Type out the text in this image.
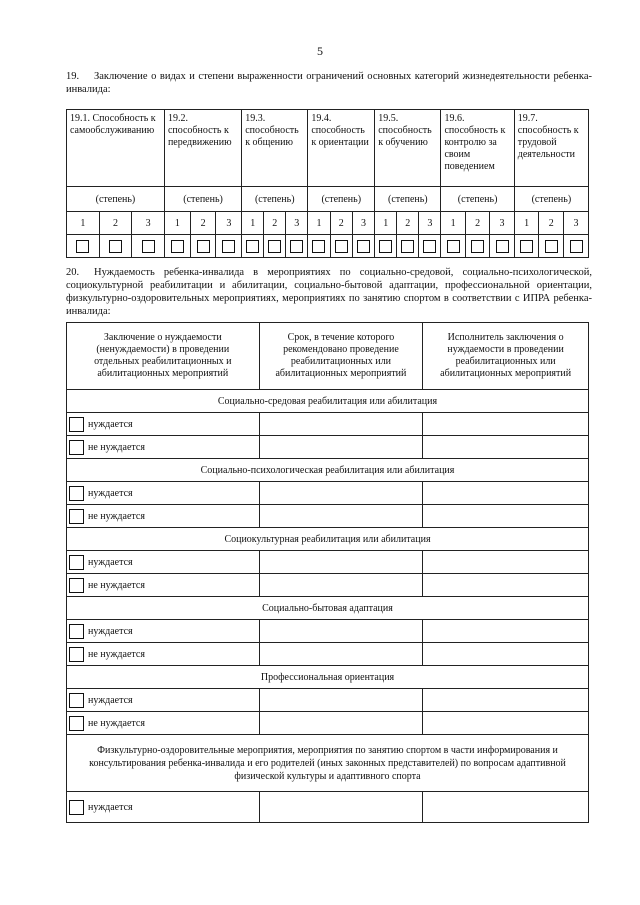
5
19. Заключение о видах и степени выраженности ограничений основных категорий жизнедеятельности ребенка-инвалида:
19.1. Способность к самообслуживанию			19.2. способность к передвижению			19.3. способность к общению			19.4. способность к ориентации			19.5. способность к обучению			19.6. способность к контролю за своим поведением			19.7. способность к трудовой деятельности		
(степень)			(степень)			(степень)			(степень)			(степень)			(степень)			(степень)		
1	2	3	1	2	3	1	2	3	1	2	3	1	2	3	1	2	3	1	2	3

20. Нуждаемость ребенка-инвалида в мероприятиях по социально-средовой, социально-психологической, социокультурной реабилитации и абилитации, социально-бытовой адаптации, профессиональной ориентации, физкультурно-оздоровительных мероприятиях, мероприятиях по занятию спортом в соответствии с ИПРА ребенка-инвалида:
Заключение о нуждаемости (ненуждаемости) в проведении отдельных реабилитационных и абилитационных мероприятий	Срок, в течение которого рекомендовано проведение реабилитационных или абилитационных мероприятий	Исполнитель заключения о нуждаемости в проведении реабилитационных или абилитационных мероприятий
Социально-средовая реабилитация или абилитация		

нуждается		

не нуждается		

Социально-психологическая реабилитация или абилитация		

нуждается		

не нуждается		

Социокультурная реабилитация или абилитация		

нуждается		

не нуждается		

Социально-бытовая адаптация		

нуждается		

не нуждается		

Профессиональная ориентация		

нуждается		

не нуждается		

Физкультурно-оздоровительные мероприятия, мероприятия по занятию спортом в части информирования и консультирования ребенка-инвалида и его родителей (иных законных представителей) по вопросам адаптивной физической культуры и адаптивного спорта		

нуждается		
